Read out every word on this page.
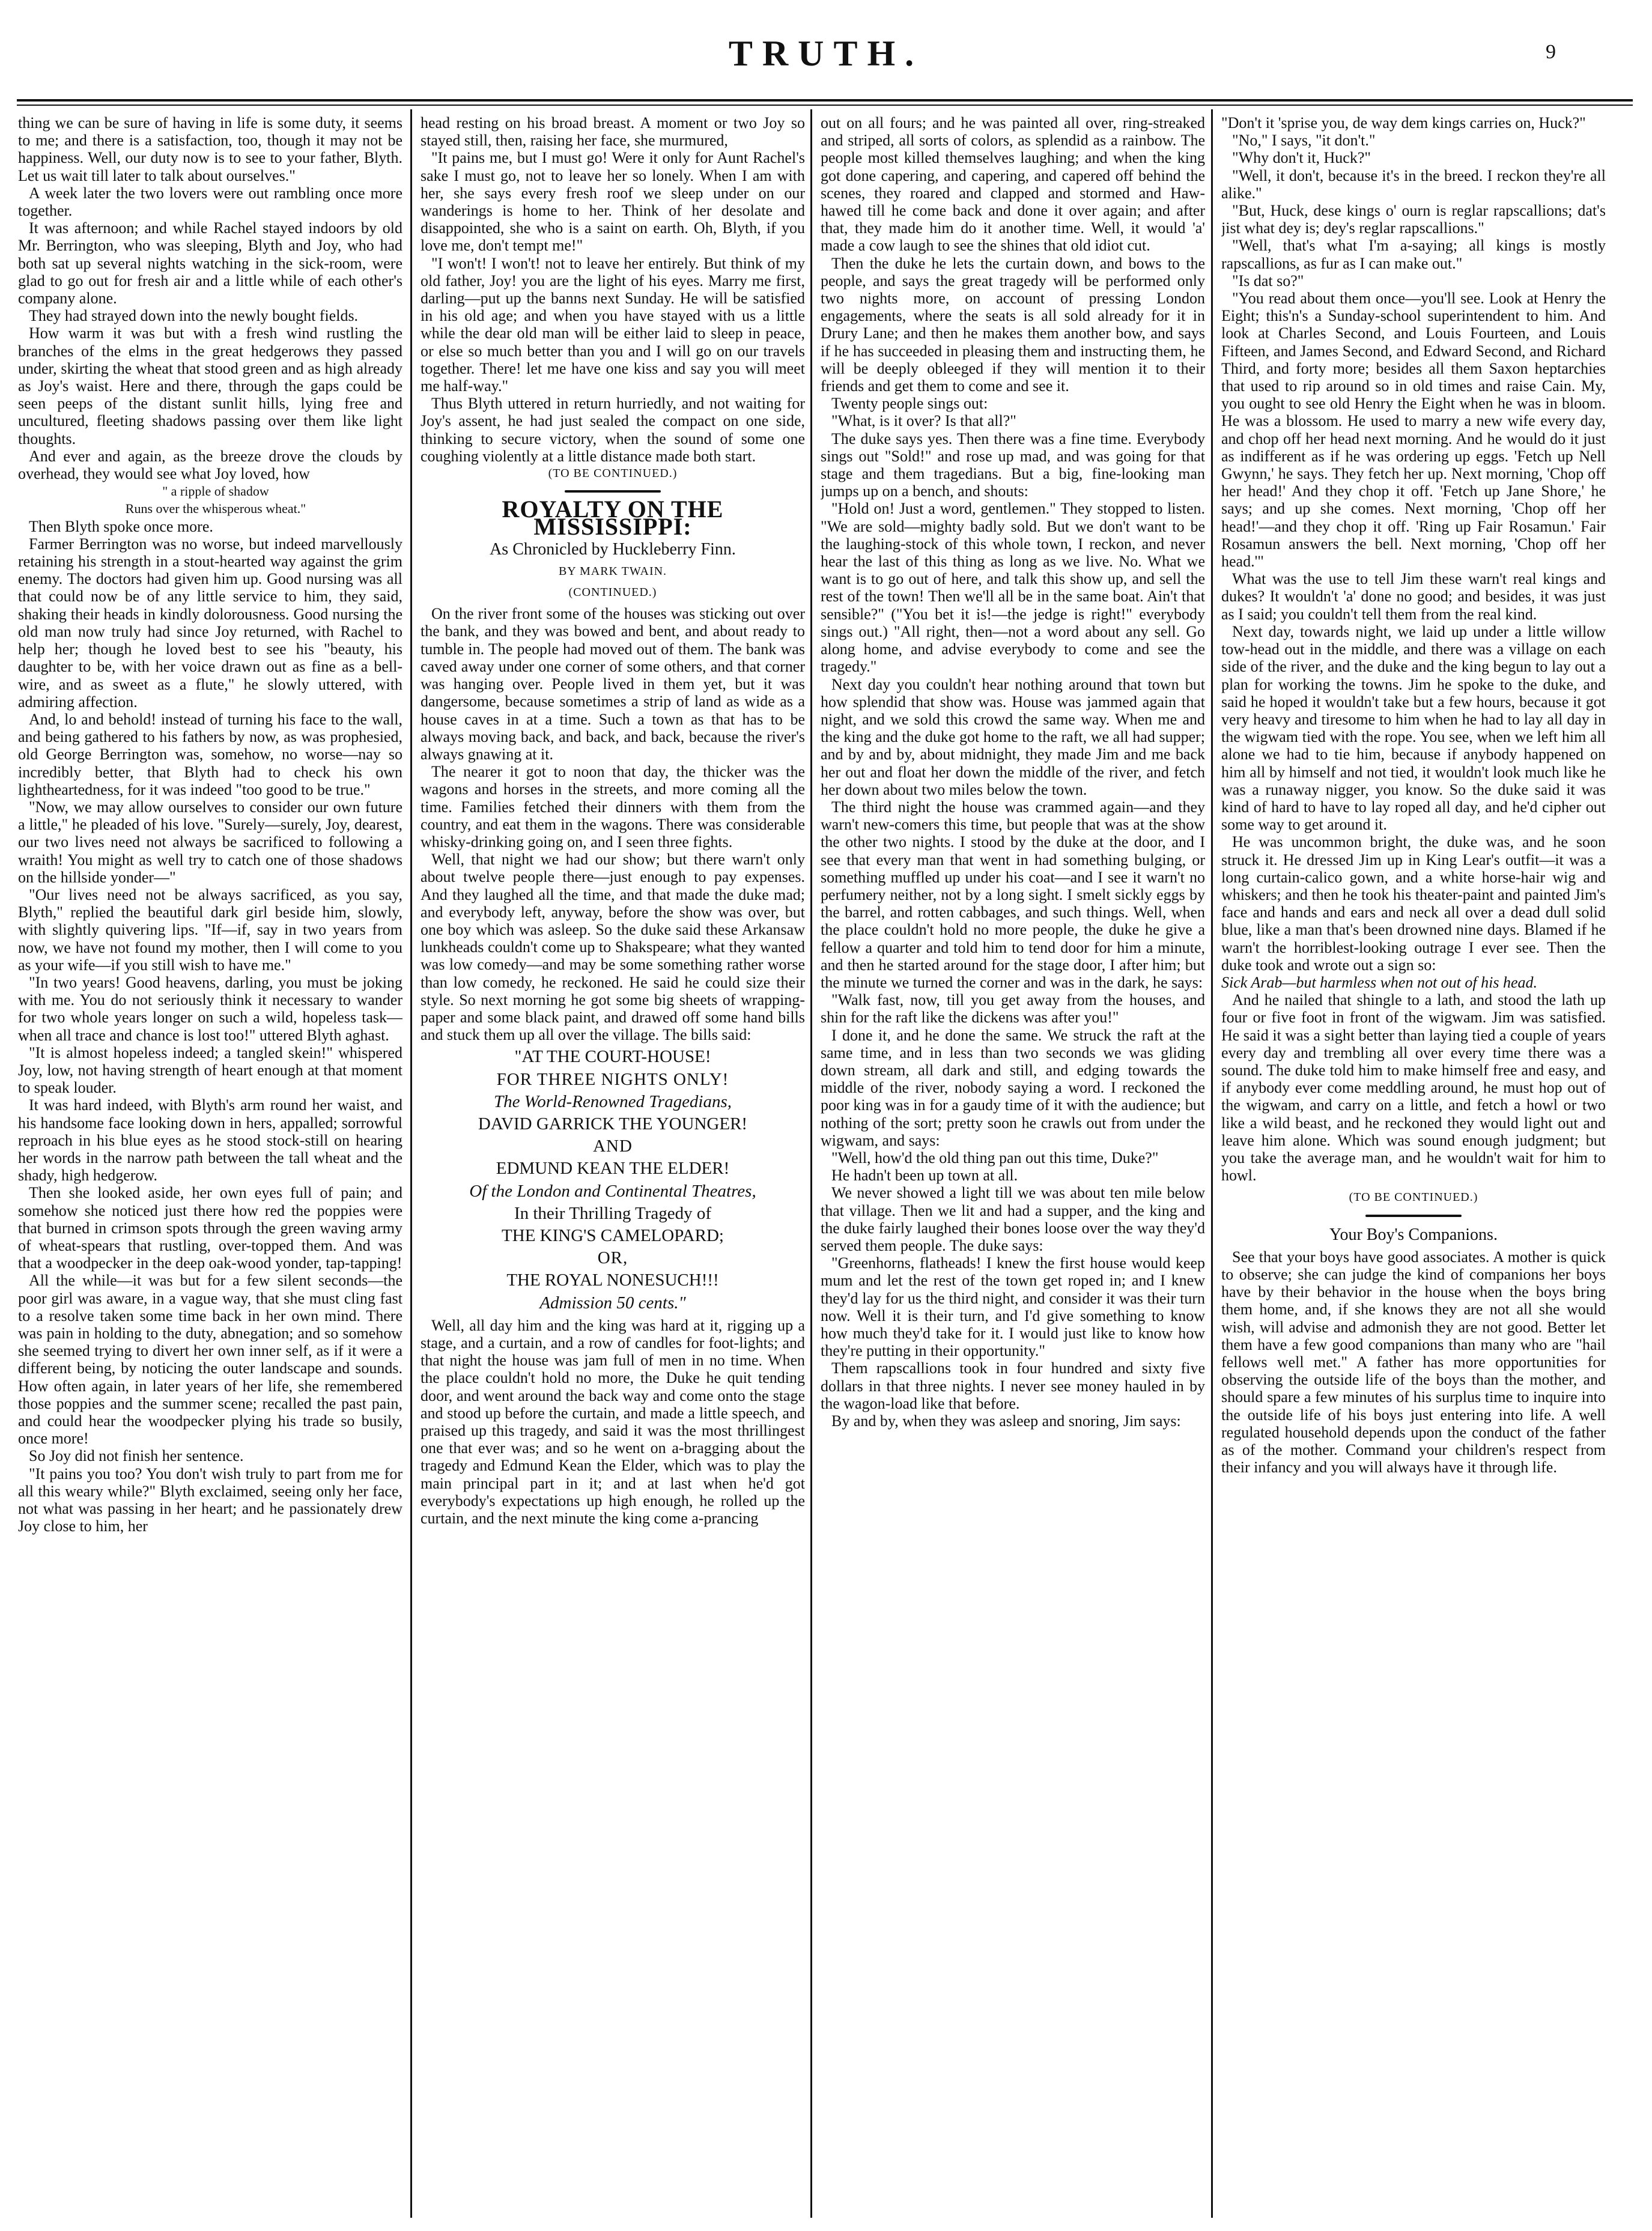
TRUTH.	9

thing we can be sure of having in life is some duty, it seems to me; and there is a satisfaction, too, though it may not be happiness. Well, our duty now is to see to your father, Blyth. Let us wait till later to talk about ourselves."

A week later the two lovers were out rambling once more together.

It was afternoon; and while Rachel stayed indoors by old Mr. Berrington, who was sleeping, Blyth and Joy, who had both sat up several nights watching in the sick-room, were glad to go out for fresh air and a little while of each other's company alone.

They had strayed down into the newly bought fields.

How warm it was but with a fresh wind rustling the branches of the elms in the great hedgerows they passed under, skirting the wheat that stood green and as high already as Joy's waist. Here and there, through the gaps could be seen peeps of the distant sunlit hills, lying free and uncultured, fleeting shadows passing over them like light thoughts.

And ever and again, as the breeze drove the clouds by overhead, they would see what Joy loved, how

" a ripple of shadow

Runs over the whisperous wheat."

Then Blyth spoke once more.

Farmer Berrington was no worse, but indeed marvellously retaining his strength in a stout-hearted way against the grim enemy. The doctors had given him up. Good nursing was all that could now be of any little service to him, they said, shaking their heads in kindly dolorousness. Good nursing the old man now truly had since Joy returned, with Rachel to help her; though he loved best to see his "beauty, his daughter to be, with her voice drawn out as fine as a bell-wire, and as sweet as a flute," he slowly uttered, with admiring affection.

And, lo and behold! instead of turning his face to the wall, and being gathered to his fathers by now, as was prophesied, old George Berrington was, somehow, no worse—nay so incredibly better, that Blyth had to check his own lightheartedness, for it was indeed "too good to be true."

"Now, we may allow ourselves to consider our own future a little," he pleaded of his love. "Surely—surely, Joy, dearest, our two lives need not always be sacrificed to following a wraith! You might as well try to catch one of those shadows on the hillside yonder—"

"Our lives need not be always sacrificed, as you say, Blyth," replied the beautiful dark girl beside him, slowly, with slightly quivering lips. "If—if, say in two years from now, we have not found my mother, then I will come to you as your wife—if you still wish to have me."

"In two years! Good heavens, darling, you must be joking with me. You do not seriously think it necessary to wander for two whole years longer on such a wild, hopeless task—when all trace and chance is lost too!" uttered Blyth aghast.

"It is almost hopeless indeed; a tangled skein!" whispered Joy, low, not having strength of heart enough at that moment to speak louder.

It was hard indeed, with Blyth's arm round her waist, and his handsome face looking down in hers, appalled; sorrowful reproach in his blue eyes as he stood stock-still on hearing her words in the narrow path between the tall wheat and the shady, high hedgerow.

Then she looked aside, her own eyes full of pain; and somehow she noticed just there how red the poppies were that burned in crimson spots through the green waving army of wheat-spears that rustling, over-topped them. And was that a woodpecker in the deep oak-wood yonder, tap-tapping!

All the while—it was but for a few silent seconds—the poor girl was aware, in a vague way, that she must cling fast to a resolve taken some time back in her own mind. There was pain in holding to the duty, abnegation; and so somehow she seemed trying to divert her own inner self, as if it were a different being, by noticing the outer landscape and sounds. How often again, in later years of her life, she remembered those poppies and the summer scene; recalled the past pain, and could hear the woodpecker plying his trade so busily, once more!

So Joy did not finish her sentence.

"It pains you too? You don't wish truly to part from me for all this weary while?" Blyth exclaimed, seeing only her face, not what was passing in her heart; and he passionately drew Joy close to him, her

head resting on his broad breast. A moment or two Joy so stayed still, then, raising her face, she murmured,

"It pains me, but I must go! Were it only for Aunt Rachel's sake I must go, not to leave her so lonely. When I am with her, she says every fresh roof we sleep under on our wanderings is home to her. Think of her desolate and disappointed, she who is a saint on earth. Oh, Blyth, if you love me, don't tempt me!"

"I won't! I won't! not to leave her entirely. But think of my old father, Joy! you are the light of his eyes. Marry me first, darling—put up the banns next Sunday. He will be satisfied in his old age; and when you have stayed with us a little while the dear old man will be either laid to sleep in peace, or else so much better than you and I will go on our travels together. There! let me have one kiss and say you will meet me half-way."

Thus Blyth uttered in return hurriedly, and not waiting for Joy's assent, he had just sealed the compact on one side, thinking to secure victory, when the sound of some one coughing violently at a little distance made both start.

(TO BE CONTINUED.)

ROYALTY ON THE MISSISSIPPI:
As Chronicled by Huckleberry Finn.
BY MARK TWAIN.
(CONTINUED.)

On the river front some of the houses was sticking out over the bank, and they was bowed and bent, and about ready to tumble in. The people had moved out of them. The bank was caved away under one corner of some others, and that corner was hanging over. People lived in them yet, but it was dangersome, because sometimes a strip of land as wide as a house caves in at a time. Such a town as that has to be always moving back, and back, and back, because the river's always gnawing at it.

The nearer it got to noon that day, the thicker was the wagons and horses in the streets, and more coming all the time. Families fetched their dinners with them from the country, and eat them in the wagons. There was considerable whisky-drinking going on, and I seen three fights.

Well, that night we had our show; but there warn't only about twelve people there—just enough to pay expenses. And they laughed all the time, and that made the duke mad; and everybody left, anyway, before the show was over, but one boy which was asleep. So the duke said these Arkansaw lunkheads couldn't come up to Shakspeare; what they wanted was low comedy—and may be some something rather worse than low comedy, he reckoned. He said he could size their style. So next morning he got some big sheets of wrapping-paper and some black paint, and drawed off some hand bills and stuck them up all over the village. The bills said:

"AT THE COURT-HOUSE!
FOR THREE NIGHTS ONLY!
The World-Renowned Tragedians,
DAVID GARRICK THE YOUNGER!
AND
EDMUND KEAN THE ELDER!
Of the London and Continental Theatres,
In their Thrilling Tragedy of
THE KING'S CAMELOPARD;
OR,
THE ROYAL NONESUCH!!!
Admission 50 cents."

Well, all day him and the king was hard at it, rigging up a stage, and a curtain, and a row of candles for foot-lights; and that night the house was jam full of men in no time. When the place couldn't hold no more, the Duke he quit tending door, and went around the back way and come onto the stage and stood up before the curtain, and made a little speech, and praised up this tragedy, and said it was the most thrillingest one that ever was; and so he went on a-bragging about the tragedy and Edmund Kean the Elder, which was to play the main principal part in it; and at last when he'd got everybody's expectations up high enough, he rolled up the curtain, and the next minute the king come a-prancing

out on all fours; and he was painted all over, ring-streaked and striped, all sorts of colors, as splendid as a rainbow. The people most killed themselves laughing; and when the king got done capering, and capering, and capered off behind the scenes, they roared and clapped and stormed and Haw-hawed till he come back and done it over again; and after that, they made him do it another time. Well, it would 'a' made a cow laugh to see the shines that old idiot cut.

Then the duke he lets the curtain down, and bows to the people, and says the great tragedy will be performed only two nights more, on account of pressing London engagements, where the seats is all sold already for it in Drury Lane; and then he makes them another bow, and says if he has succeeded in pleasing them and instructing them, he will be deeply obleeged if they will mention it to their friends and get them to come and see it.

Twenty people sings out:

"What, is it over? Is that all?"

The duke says yes. Then there was a fine time. Everybody sings out "Sold!" and rose up mad, and was going for that stage and them tragedians. But a big, fine-looking man jumps up on a bench, and shouts:

"Hold on! Just a word, gentlemen." They stopped to listen. "We are sold—mighty badly sold. But we don't want to be the laughing-stock of this whole town, I reckon, and never hear the last of this thing as long as we live. No. What we want is to go out of here, and talk this show up, and sell the rest of the town! Then we'll all be in the same boat. Ain't that sensible?" ("You bet it is!—the jedge is right!" everybody sings out.) "All right, then—not a word about any sell. Go along home, and advise everybody to come and see the tragedy."

Next day you couldn't hear nothing around that town but how splendid that show was. House was jammed again that night, and we sold this crowd the same way. When me and the king and the duke got home to the raft, we all had supper; and by and by, about midnight, they made Jim and me back her out and float her down the middle of the river, and fetch her down about two miles below the town.

The third night the house was crammed again—and they warn't new-comers this time, but people that was at the show the other two nights. I stood by the duke at the door, and I see that every man that went in had something bulging, or something muffled up under his coat—and I see it warn't no perfumery neither, not by a long sight. I smelt sickly eggs by the barrel, and rotten cabbages, and such things. Well, when the place couldn't hold no more people, the duke he give a fellow a quarter and told him to tend door for him a minute, and then he started around for the stage door, I after him; but the minute we turned the corner and was in the dark, he says:

"Walk fast, now, till you get away from the houses, and shin for the raft like the dickens was after you!"

I done it, and he done the same. We struck the raft at the same time, and in less than two seconds we was gliding down stream, all dark and still, and edging towards the middle of the river, nobody saying a word. I reckoned the poor king was in for a gaudy time of it with the audience; but nothing of the sort; pretty soon he crawls out from under the wigwam, and says:

"Well, how'd the old thing pan out this time, Duke?"

He hadn't been up town at all.

We never showed a light till we was about ten mile below that village. Then we lit and had a supper, and the king and the duke fairly laughed their bones loose over the way they'd served them people. The duke says:

"Greenhorns, flatheads! I knew the first house would keep mum and let the rest of the town get roped in; and I knew they'd lay for us the third night, and consider it was their turn now. Well it is their turn, and I'd give something to know how much they'd take for it. I would just like to know how they're putting in their opportunity."

Them rapscallions took in four hundred and sixty five dollars in that three nights. I never see money hauled in by the wagon-load like that before.

By and by, when they was asleep and snoring, Jim says:

"Don't it 'sprise you, de way dem kings carries on, Huck?"

"No," I says, "it don't."

"Why don't it, Huck?"

"Well, it don't, because it's in the breed. I reckon they're all alike."

"But, Huck, dese kings o' ourn is reglar rapscallions; dat's jist what dey is; dey's reglar rapscallions."

"Well, that's what I'm a-saying; all kings is mostly rapscallions, as fur as I can make out."

"Is dat so?"

"You read about them once—you'll see. Look at Henry the Eight; this'n's a Sunday-school superintendent to him. And look at Charles Second, and Louis Fourteen, and Louis Fifteen, and James Second, and Edward Second, and Richard Third, and forty more; besides all them Saxon heptarchies that used to rip around so in old times and raise Cain. My, you ought to see old Henry the Eight when he was in bloom. He was a blossom. He used to marry a new wife every day, and chop off her head next morning. And he would do it just as indifferent as if he was ordering up eggs. 'Fetch up Nell Gwynn,' he says. They fetch her up. Next morning, 'Chop off her head!' And they chop it off. 'Fetch up Jane Shore,' he says; and up she comes. Next morning, 'Chop off her head!'—and they chop it off. 'Ring up Fair Rosamun.' Fair Rosamun answers the bell. Next morning, 'Chop off her head.'"

What was the use to tell Jim these warn't real kings and dukes? It wouldn't 'a' done no good; and besides, it was just as I said; you couldn't tell them from the real kind.

Next day, towards night, we laid up under a little willow tow-head out in the middle, and there was a village on each side of the river, and the duke and the king begun to lay out a plan for working the towns. Jim he spoke to the duke, and said he hoped it wouldn't take but a few hours, because it got very heavy and tiresome to him when he had to lay all day in the wigwam tied with the rope. You see, when we left him all alone we had to tie him, because if anybody happened on him all by himself and not tied, it wouldn't look much like he was a runaway nigger, you know. So the duke said it was kind of hard to have to lay roped all day, and he'd cipher out some way to get around it.

He was uncommon bright, the duke was, and he soon struck it. He dressed Jim up in King Lear's outfit—it was a long curtain-calico gown, and a white horse-hair wig and whiskers; and then he took his theater-paint and painted Jim's face and hands and ears and neck all over a dead dull solid blue, like a man that's been drowned nine days. Blamed if he warn't the horriblest-looking outrage I ever see. Then the duke took and wrote out a sign so:

Sick Arab—but harmless when not out of his head.

And he nailed that shingle to a lath, and stood the lath up four or five foot in front of the wigwam. Jim was satisfied. He said it was a sight better than laying tied a couple of years every day and trembling all over every time there was a sound. The duke told him to make himself free and easy, and if anybody ever come meddling around, he must hop out of the wigwam, and carry on a little, and fetch a howl or two like a wild beast, and he reckoned they would light out and leave him alone. Which was sound enough judgment; but you take the average man, and he wouldn't wait for him to howl.

(TO BE CONTINUED.)

Your Boy's Companions.

See that your boys have good associates. A mother is quick to observe; she can judge the kind of companions her boys have by their behavior in the house when the boys bring them home, and, if she knows they are not all she would wish, will advise and admonish they are not good. Better let them have a few good companions than many who are "hail fellows well met." A father has more opportunities for observing the outside life of the boys than the mother, and should spare a few minutes of his surplus time to inquire into the outside life of his boys just entering into life. A well regulated household depends upon the conduct of the father as of the mother. Command your children's respect from their infancy and you will always have it through life.
